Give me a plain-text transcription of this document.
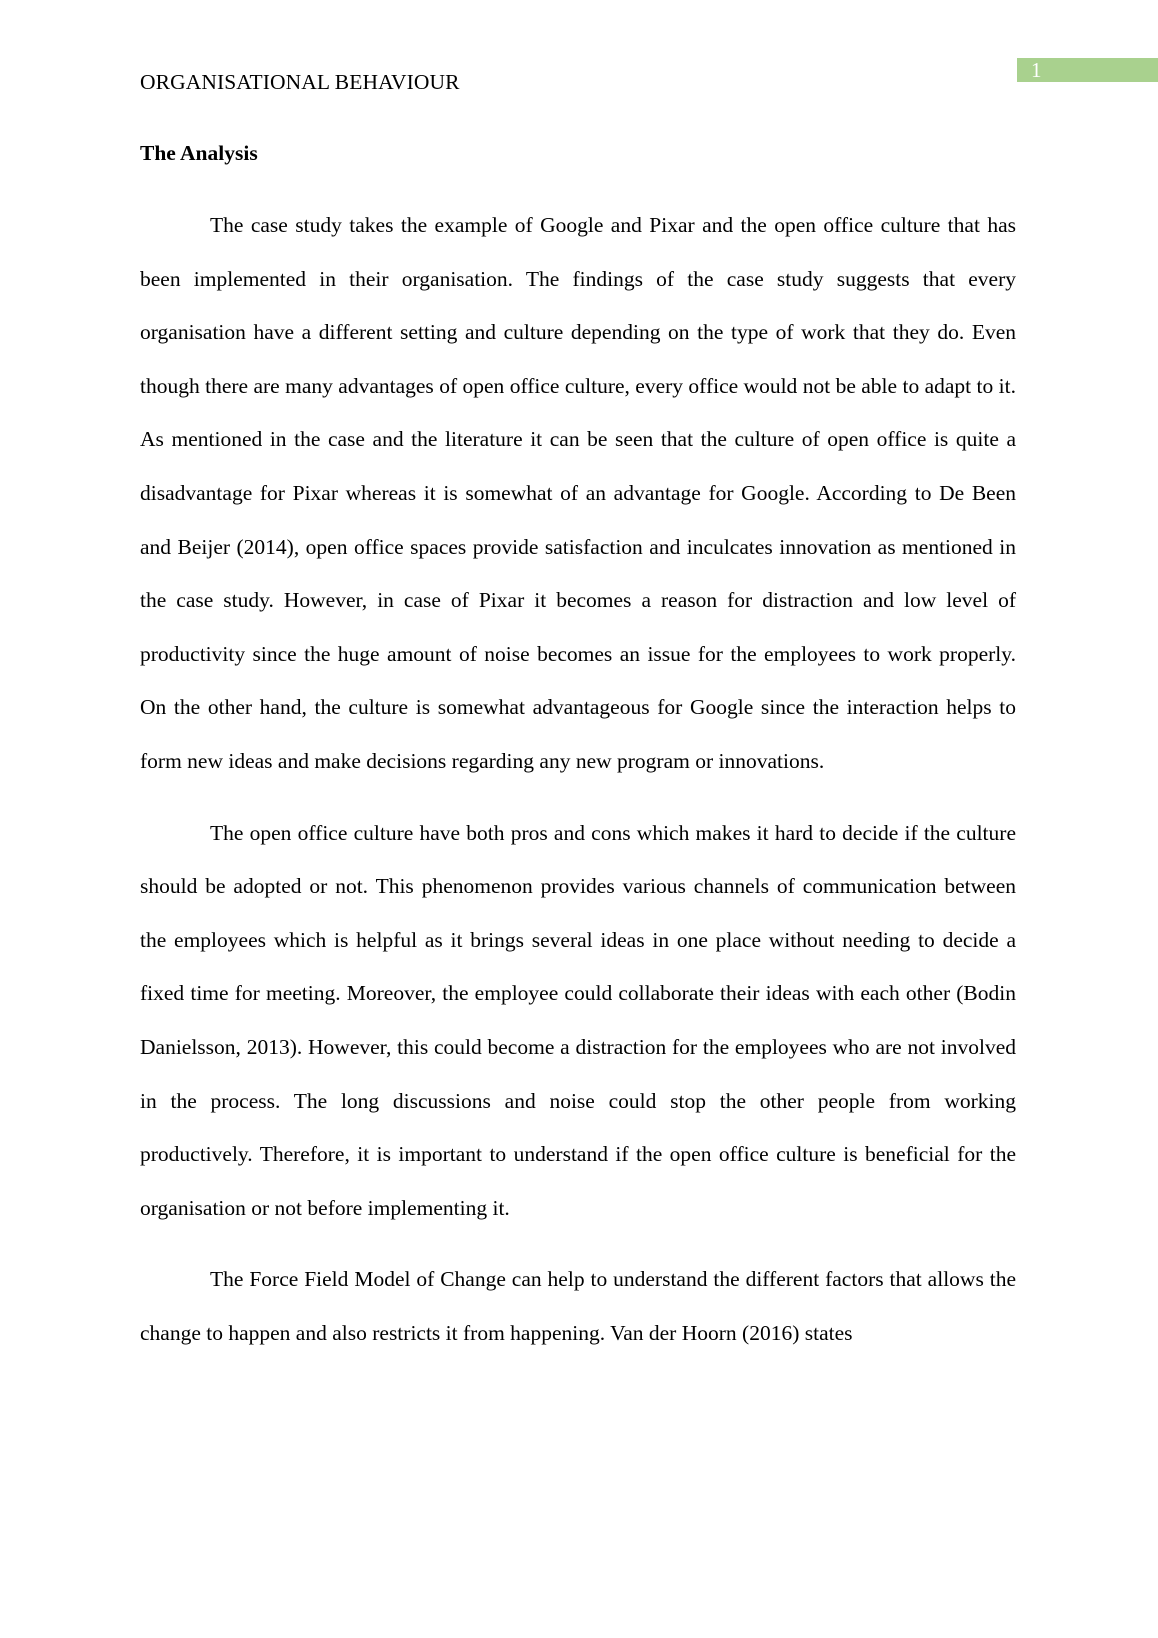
1
ORGANISATIONAL BEHAVIOUR
The Analysis

The case study takes the example of Google and Pixar and the open office culture that has been implemented in their organisation. The findings of the case study suggests that every organisation have a different setting and culture depending on the type of work that they do. Even though there are many advantages of open office culture, every office would not be able to adapt to it. As mentioned in the case and the literature it can be seen that the culture of open office is quite a disadvantage for Pixar whereas it is somewhat of an advantage for Google. According to De Been and Beijer (2014), open office spaces provide satisfaction and inculcates innovation as mentioned in the case study. However, in case of Pixar it becomes a reason for distraction and low level of productivity since the huge amount of noise becomes an issue for the employees to work properly. On the other hand, the culture is somewhat advantageous for Google since the interaction helps to form new ideas and make decisions regarding any new program or innovations.

The open office culture have both pros and cons which makes it hard to decide if the culture should be adopted or not. This phenomenon provides various channels of communication between the employees which is helpful as it brings several ideas in one place without needing to decide a fixed time for meeting. Moreover, the employee could collaborate their ideas with each other (Bodin Danielsson, 2013). However, this could become a distraction for the employees who are not involved in the process. The long discussions and noise could stop the other people from working productively. Therefore, it is important to understand if the open office culture is beneficial for the organisation or not before implementing it.

The Force Field Model of Change can help to understand the different factors that allows the change to happen and also restricts it from happening. Van der Hoorn (2016) states
